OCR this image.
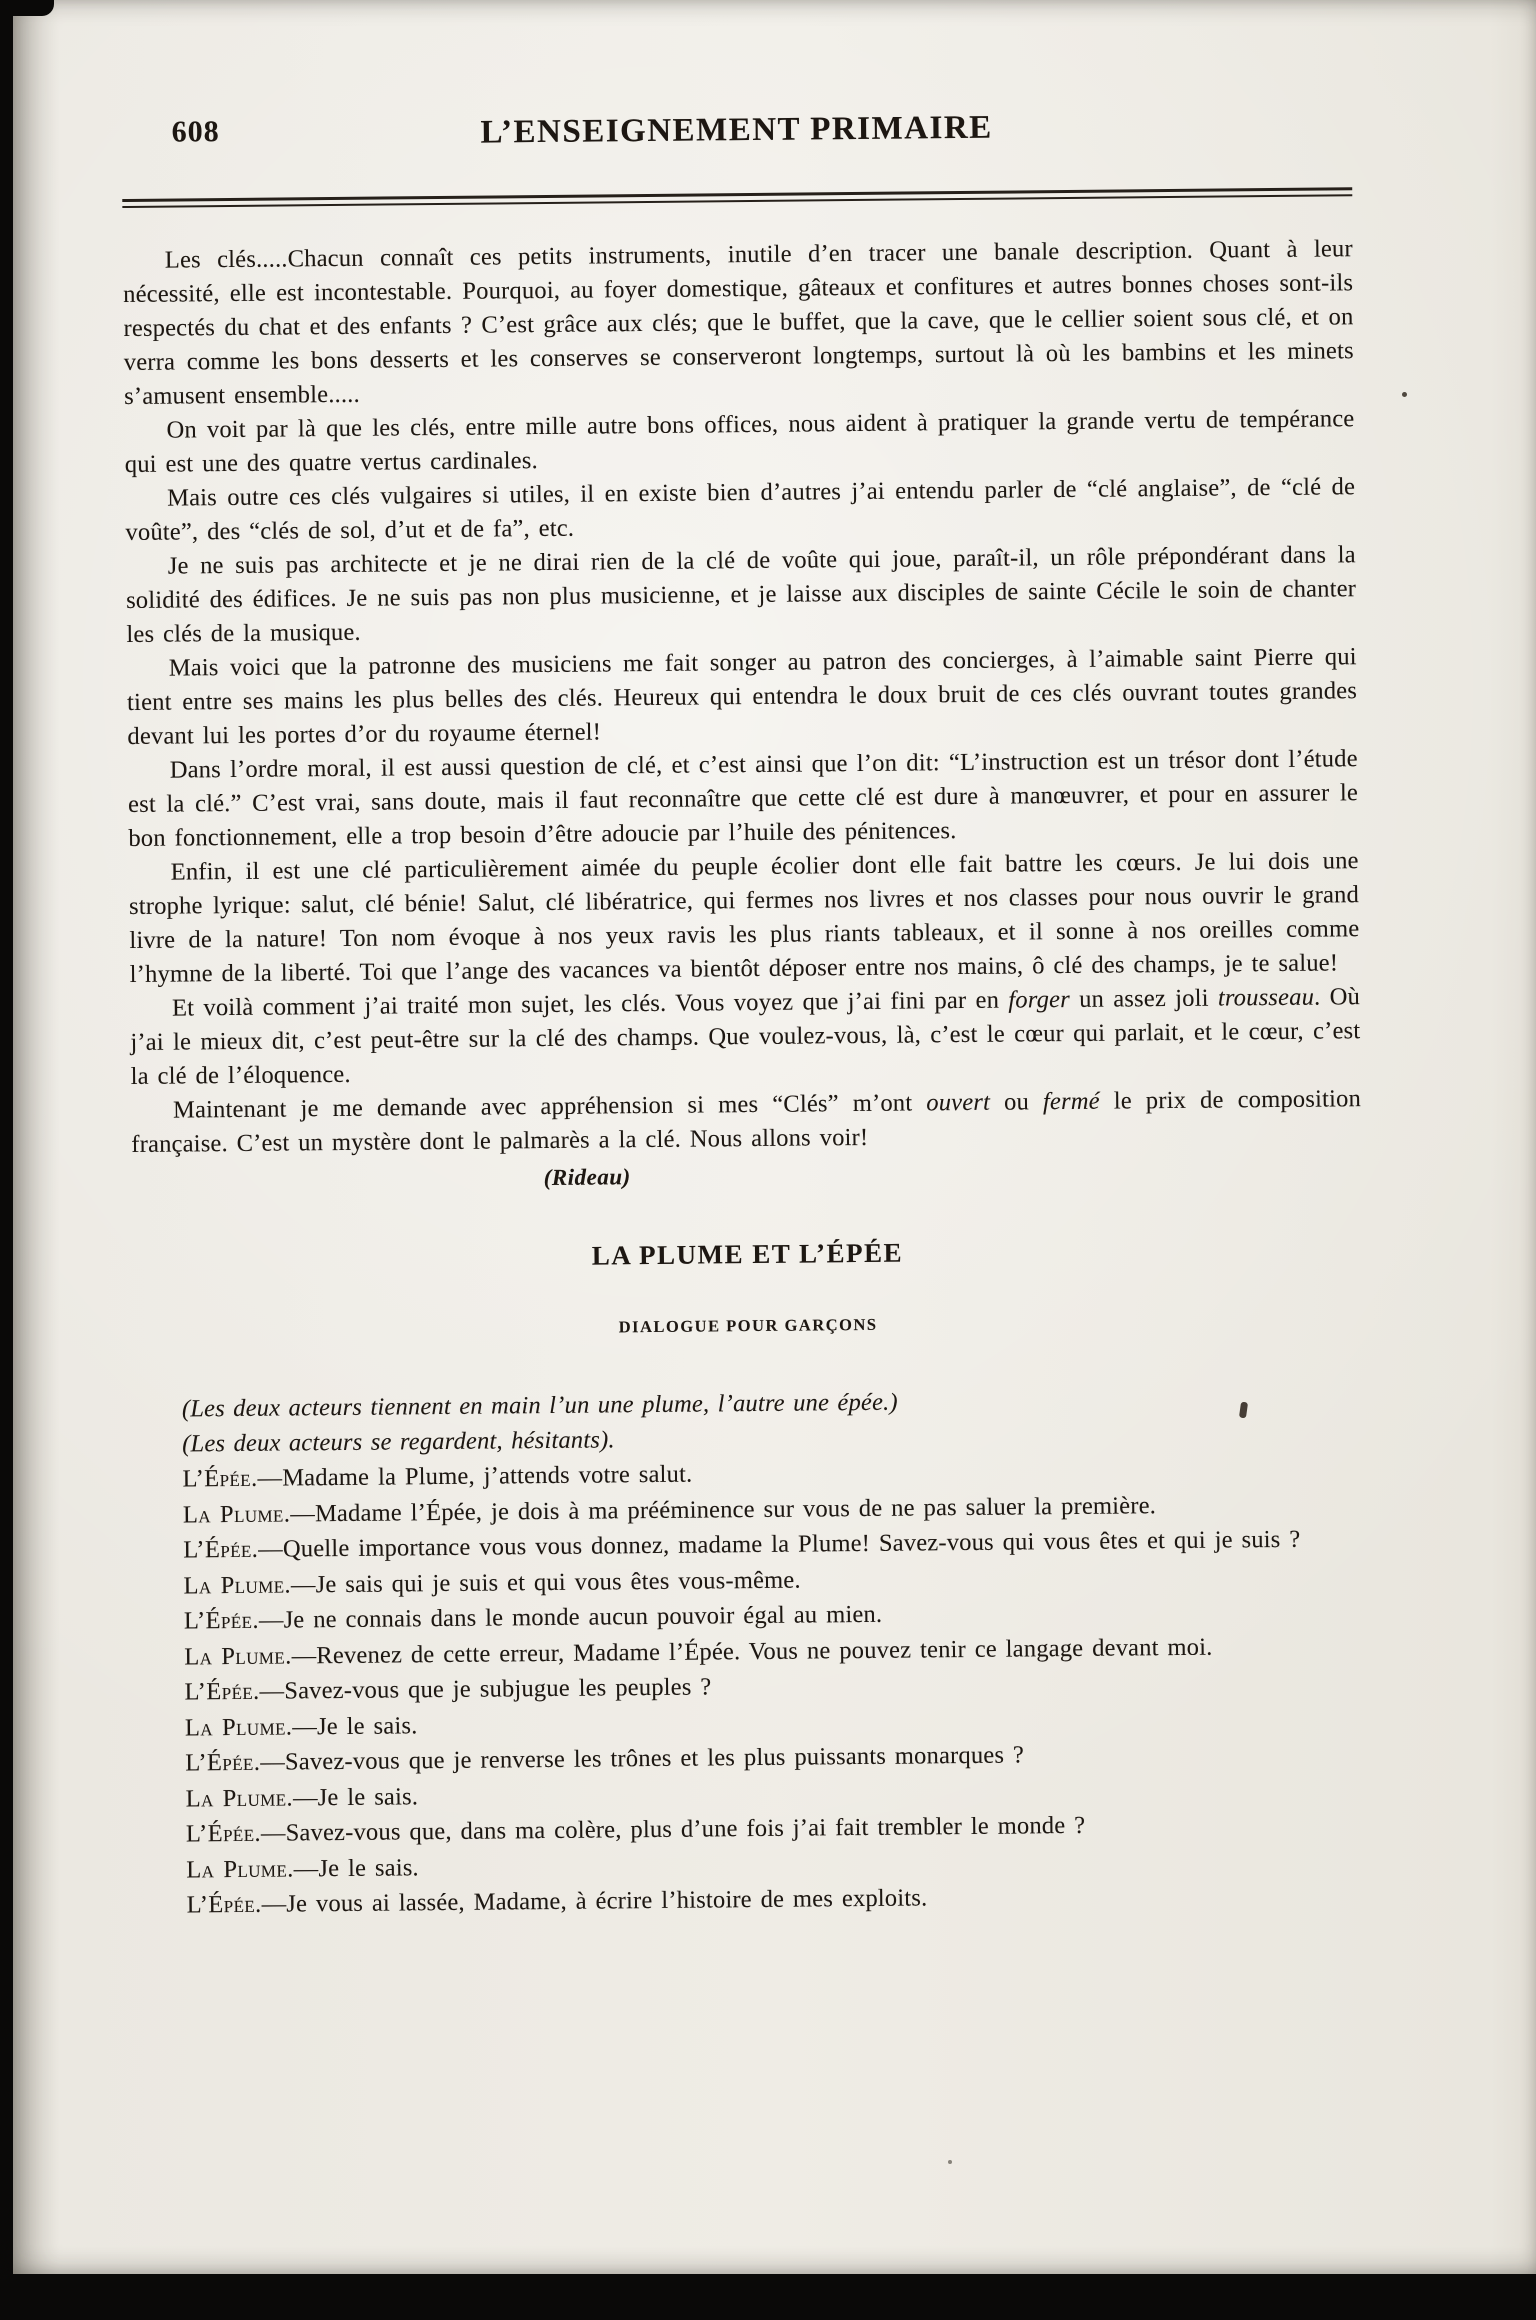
608	L’ENSEIGNEMENT PRIMAIRE

Les clés.....Chacun connaît ces petits instruments, inutile d’en tracer une banale description. Quant à leur nécessité, elle est incontestable. Pourquoi, au foyer domestique, gâteaux et confitures et autres bonnes choses sont-ils respectés du chat et des enfants ? C’est grâce aux clés; que le buffet, que la cave, que le cellier soient sous clé, et on verra comme les bons desserts et les conserves se conserveront longtemps, surtout là où les bambins et les minets s’amusent ensemble.....

On voit par là que les clés, entre mille autre bons offices, nous aident à pratiquer la grande vertu de tempérance qui est une des quatre vertus cardinales.

Mais outre ces clés vulgaires si utiles, il en existe bien d’autres j’ai entendu parler de “clé anglaise”, de “clé de voûte”, des “clés de sol, d’ut et de fa”, etc.

Je ne suis pas architecte et je ne dirai rien de la clé de voûte qui joue, paraît-il, un rôle prépondérant dans la solidité des édifices. Je ne suis pas non plus musicienne, et je laisse aux disciples de sainte Cécile le soin de chanter les clés de la musique.

Mais voici que la patronne des musiciens me fait songer au patron des concierges, à l’aimable saint Pierre qui tient entre ses mains les plus belles des clés. Heureux qui entendra le doux bruit de ces clés ouvrant toutes grandes devant lui les portes d’or du royaume éternel!

Dans l’ordre moral, il est aussi question de clé, et c’est ainsi que l’on dit: “L’instruction est un trésor dont l’étude est la clé.” C’est vrai, sans doute, mais il faut reconnaître que cette clé est dure à manœuvrer, et pour en assurer le bon fonctionnement, elle a trop besoin d’être adoucie par l’huile des pénitences.

Enfin, il est une clé particulièrement aimée du peuple écolier dont elle fait battre les cœurs. Je lui dois une strophe lyrique: salut, clé bénie! Salut, clé libératrice, qui fermes nos livres et nos classes pour nous ouvrir le grand livre de la nature! Ton nom évoque à nos yeux ravis les plus riants tableaux, et il sonne à nos oreilles comme l’hymne de la liberté. Toi que l’ange des vacances va bientôt déposer entre nos mains, ô clé des champs, je te salue!

Et voilà comment j’ai traité mon sujet, les clés. Vous voyez que j’ai fini par en forger un assez joli trousseau. Où j’ai le mieux dit, c’est peut-être sur la clé des champs. Que voulez-vous, là, c’est le cœur qui parlait, et le cœur, c’est la clé de l’éloquence.

Maintenant je me demande avec appréhension si mes “Clés” m’ont ouvert ou fermé le prix de composition française. C’est un mystère dont le palmarès a la clé. Nous allons voir!

(Rideau)

LA PLUME ET L’ÉPÉE
DIALOGUE POUR GARÇONS

(Les deux acteurs tiennent en main l’un une plume, l’autre une épée.)

(Les deux acteurs se regardent, hésitants).

L’Épée.—Madame la Plume, j’attends votre salut.

La Plume.—Madame l’Épée, je dois à ma prééminence sur vous de ne pas saluer la première.

L’Épée.—Quelle importance vous vous donnez, madame la Plume! Savez-vous qui vous êtes et qui je suis ?

La Plume.—Je sais qui je suis et qui vous êtes vous-même.

L’Épée.—Je ne connais dans le monde aucun pouvoir égal au mien.

La Plume.—Revenez de cette erreur, Madame l’Épée. Vous ne pouvez tenir ce langage devant moi.

L’Épée.—Savez-vous que je subjugue les peuples ?

La Plume.—Je le sais.

L’Épée.—Savez-vous que je renverse les trônes et les plus puissants monarques ?

La Plume.—Je le sais.

L’Épée.—Savez-vous que, dans ma colère, plus d’une fois j’ai fait trembler le monde ?

La Plume.—Je le sais.

L’Épée.—Je vous ai lassée, Madame, à écrire l’histoire de mes exploits.
